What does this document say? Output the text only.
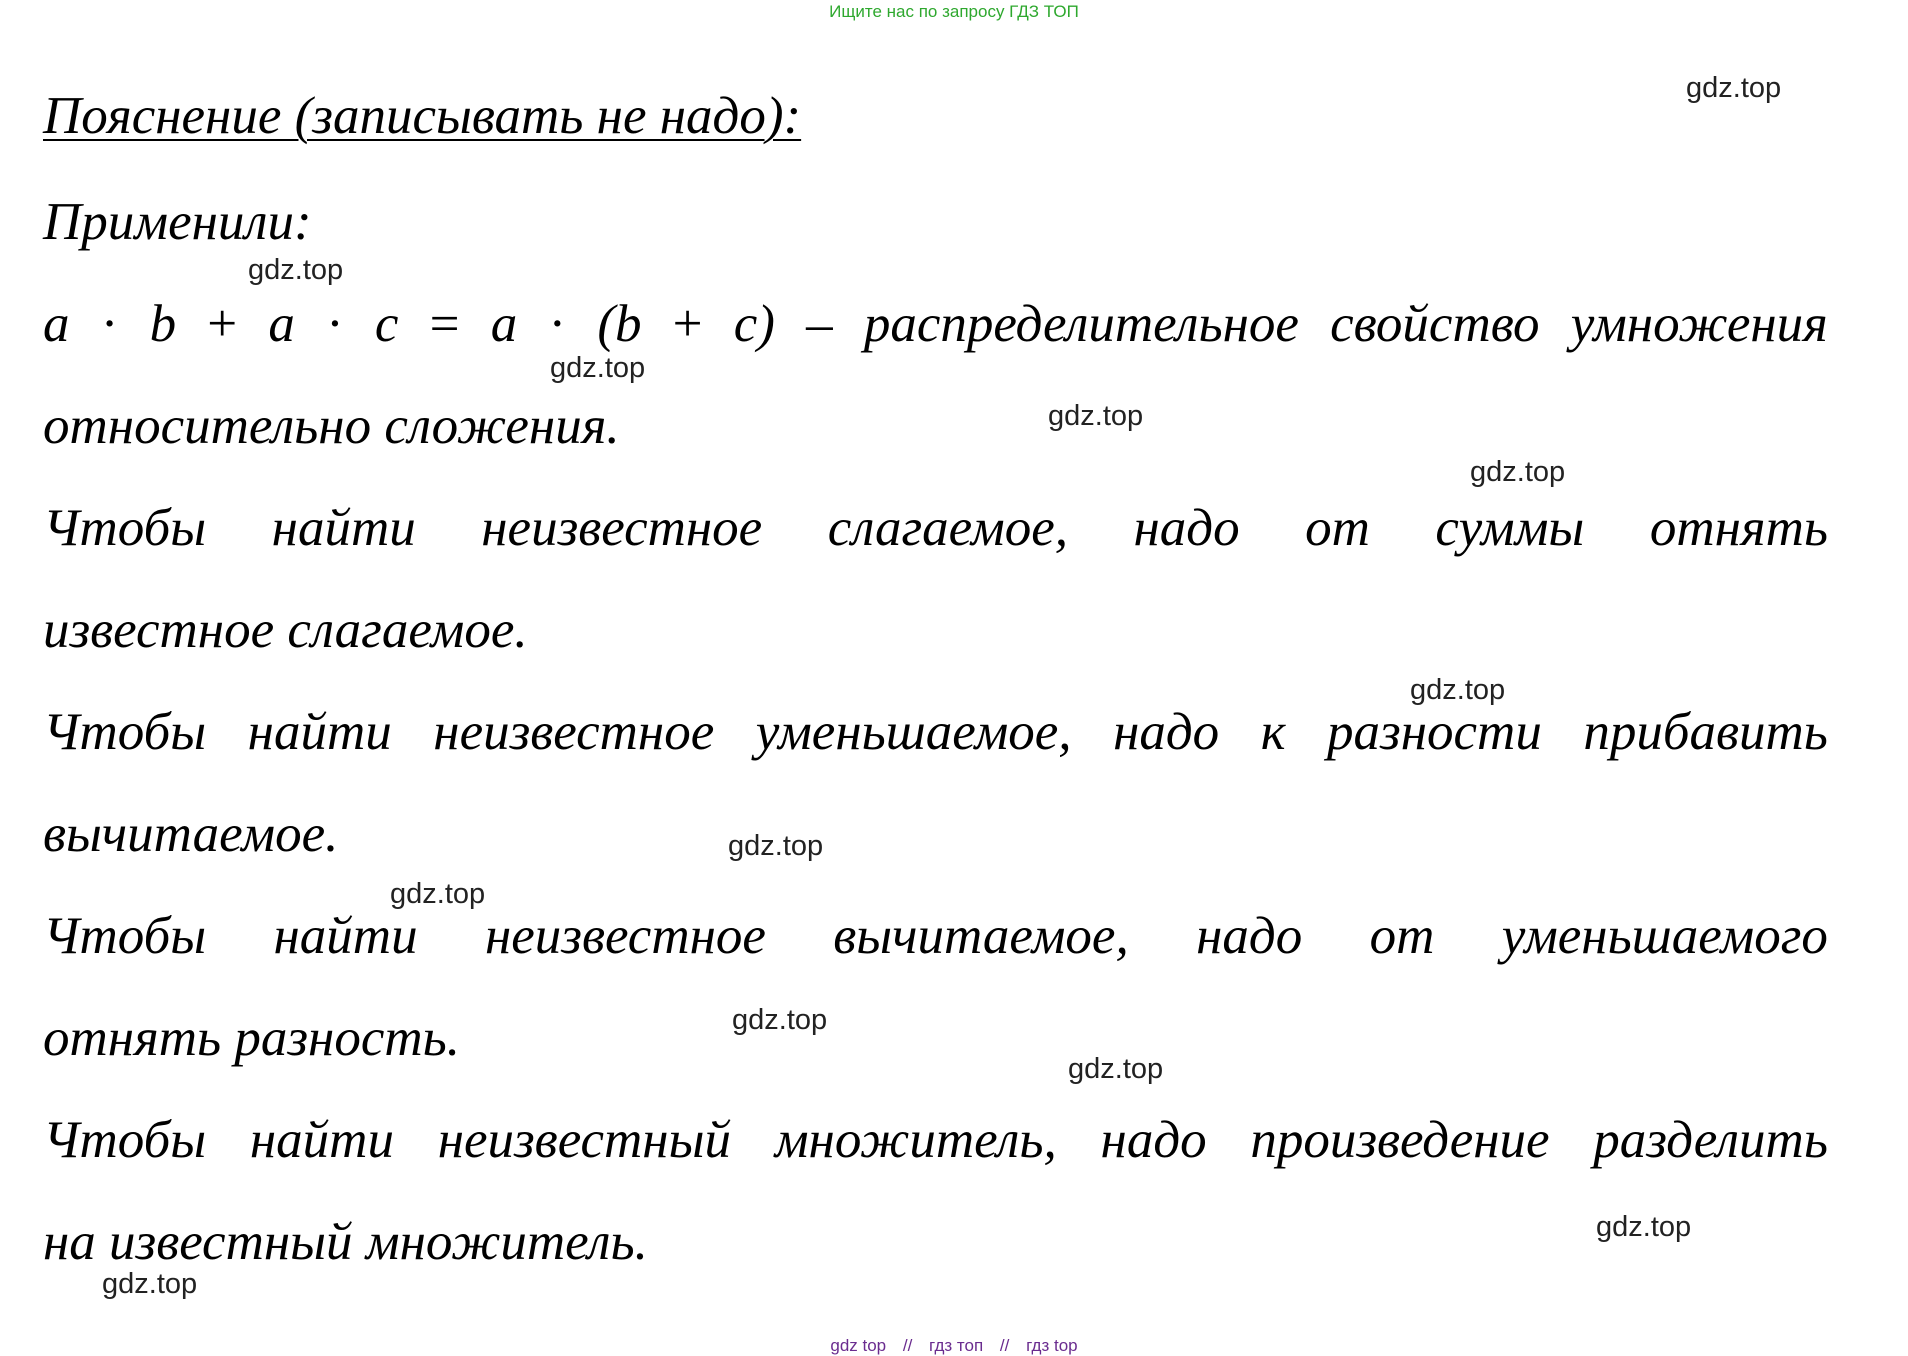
Ищите нас по запросу ГДЗ ТОП
Пояснение (записывать не надо):
Применили:
a · b + a · c = a · (b + c) – распределительное свойство умножения
относительно сложения.
Чтобы найти неизвестное слагаемое, надо от суммы отнять
известное слагаемое.
Чтобы найти неизвестное уменьшаемое, надо к разности прибавить
вычитаемое.
Чтобы найти неизвестное вычитаемое, надо от уменьшаемого
отнять разность.
Чтобы найти неизвестный множитель, надо произведение разделить
на известный множитель.
gdz.top
gdz.top
gdz.top
gdz.top
gdz.top
gdz.top
gdz.top
gdz.top
gdz.top
gdz.top
gdz.top
gdz.top
gdz top // гдз топ // гдз top
